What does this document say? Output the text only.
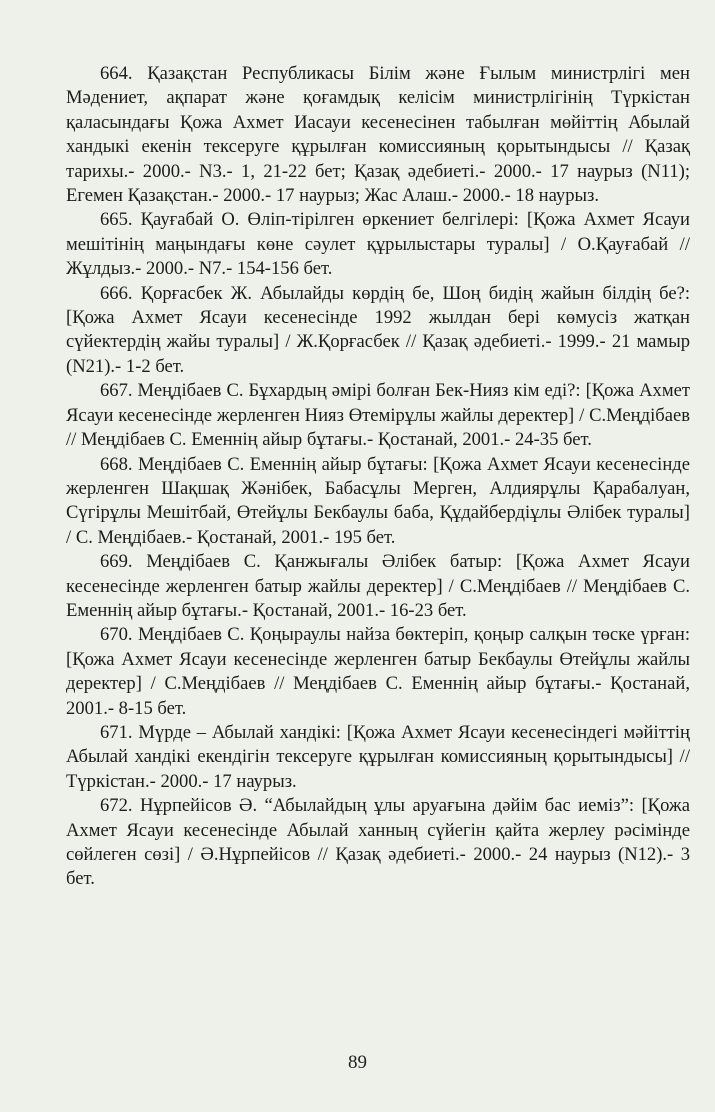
664. Қазақстан Республикасы Білім және Ғылым министрлігі мен Мәдениет, ақпарат және қоғамдық келісім министрлігінің Түркістан қаласындағы Қожа Ахмет Иасауи кесенесінен табылған мөйіттің Абылай хандыкі екенін тексеруге құрылған комиссияның қорытындысы // Қазақ тарихы.- 2000.- N3.- 1, 21-22 бет; Қазақ әдебиеті.- 2000.- 17 наурыз (N11); Егемен Қазақстан.- 2000.- 17 наурыз; Жас Алаш.- 2000.- 18 наурыз.

665. Қауғабай О. Өліп-тірілген өркениет белгілері: [Қожа Ахмет Ясауи мешітінің маңындағы көне сәулет құрылыстары туралы] / О.Қауғабай // Жұлдыз.- 2000.- N7.- 154-156 бет.

666. Қорғасбек Ж. Абылайды көрдің бе, Шоң бидің жайын білдің бе?: [Қожа Ахмет Ясауи кесенесінде 1992 жылдан бері көмусіз жатқан сүйектердің жайы туралы] / Ж.Қорғасбек // Қазақ әдебиеті.- 1999.- 21 мамыр (N21).- 1-2 бет.

667. Меңдібаев С. Бұхардың әмірі болған Бек-Нияз кім еді?: [Қожа Ахмет Ясауи кесенесінде жерленген Нияз Өтемірұлы жайлы деректер] / С.Меңдібаев // Меңдібаев С. Еменнің айыр бұтағы.- Қостанай, 2001.- 24-35 бет.

668. Меңдібаев С. Еменнің айыр бұтағы: [Қожа Ахмет Ясауи кесенесінде жерленген Шақшақ Жәнібек, Бабасұлы Мерген, Алдиярұлы Қарабалуан, Сүгірұлы Мешітбай, Өтейұлы Бекбаулы баба, Құдайбердіұлы Әлібек туралы] / С. Меңдібаев.- Қостанай, 2001.- 195 бет.

669. Меңдібаев С. Қанжығалы Әлібек батыр: [Қожа Ахмет Ясауи кесенесінде жерленген батыр жайлы деректер] / С.Меңдібаев // Меңдібаев С. Еменнің айыр бұтағы.- Қостанай, 2001.- 16-23 бет.

670. Меңдібаев С. Қоңыраулы найза бөктеріп, қоңыр салқын төске үрған: [Қожа Ахмет Ясауи кесенесінде жерленген батыр Бекбаулы Өтейұлы жайлы деректер] / С.Меңдібаев // Меңдібаев С. Еменнің айыр бұтағы.- Қостанай, 2001.- 8-15 бет.

671. Мүрде – Абылай хандікі: [Қожа Ахмет Ясауи кесенесіндегі мәйіттің Абылай хандікі екендігін тексеруге құрылған комиссияның қорытындысы] // Түркістан.- 2000.- 17 наурыз.

672. Нұрпейісов Ә. “Абылайдың ұлы аруағына дәйім бас иеміз”: [Қожа Ахмет Ясауи кесенесінде Абылай ханның сүйегін қайта жерлеу рәсімінде сөйлеген сөзі] / Ә.Нұрпейісов // Қазақ әдебиеті.- 2000.- 24 наурыз (N12).- 3 бет.

89
